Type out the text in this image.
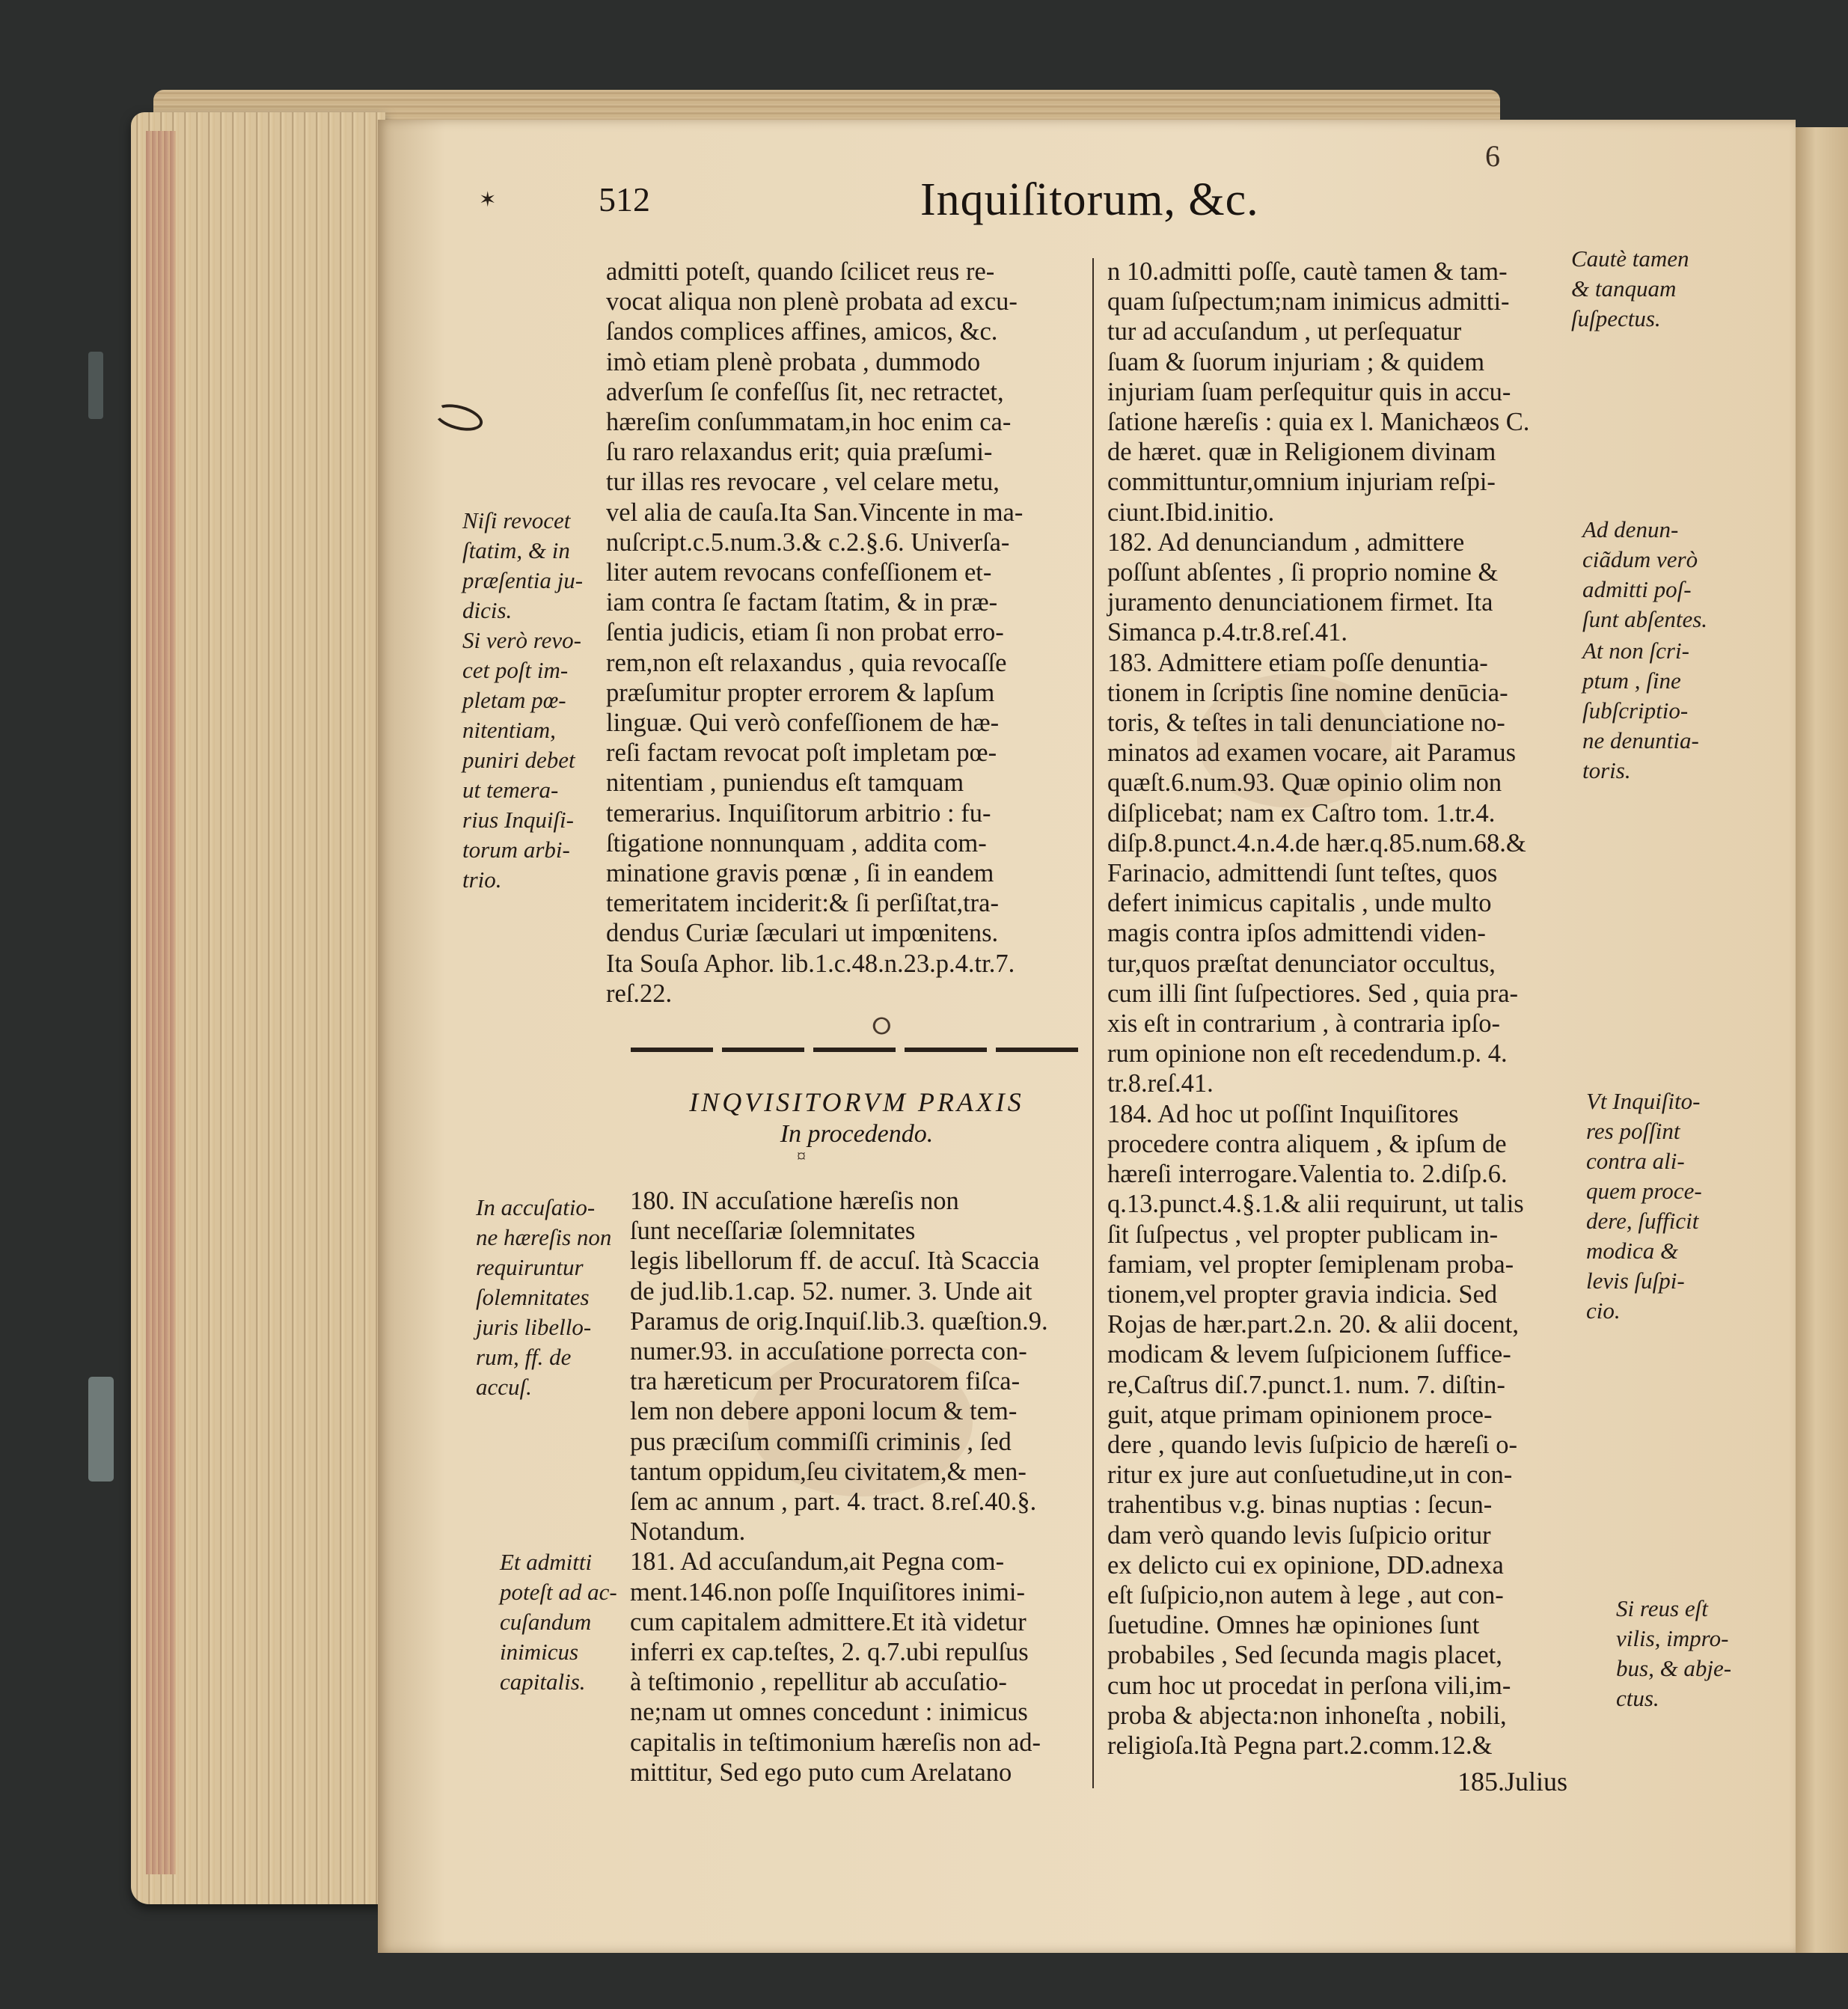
✶	512	Inquiſitorum, &c.
6

Niſi revocet

ſtatim, & in

præſentia ju-

dicis.

Si verò revo-

cet poſt im-

pletam pœ-

nitentiam,

puniri debet

ut temera-

rius Inquiſi-

torum arbi-

trio.

In accuſatio-

ne hæreſis non

requiruntur

ſolemnitates

juris libello-

rum, ff. de

accuſ.

Et admitti

poteſt ad ac-

cuſandum

inimicus

capitalis.

admitti poteſt, quando ſcilicet reus re-

vocat aliqua non plenè probata ad excu-

ſandos complices affines, amicos, &c.

imò etiam plenè probata , dummodo

adverſum ſe confeſſus ſit, nec retractet,

hæreſim conſummatam,in hoc enim ca-

ſu raro relaxandus erit; quia præſumi-

tur illas res revocare , vel celare metu,

vel alia de cauſa.Ita San.Vincente in ma-

nuſcript.c.5.num.3.& c.2.§.6. Univerſa-

liter autem revocans confeſſionem et-

iam contra ſe factam ſtatim, & in præ-

ſentia judicis, etiam ſi non probat erro-

rem,non eſt relaxandus , quia revocaſſe

præſumitur propter errorem & lapſum

linguæ. Qui verò confeſſionem de hæ-

reſi factam revocat poſt impletam pœ-

nitentiam , puniendus eſt tamquam

temerarius. Inquiſitorum arbitrio : fu-

ſtigatione nonnunquam , addita com-

minatione gravis pœnæ , ſi in eandem

temeritatem inciderit:& ſi perſiſtat,tra-

dendus Curiæ ſæculari ut impœnitens.

Ita Souſa Aphor. lib.1.c.48.n.23.p.4.tr.7.

reſ.22.

ⵔ
INQVISITORVM PRAXIS
In procedendo.
¤

180. IN accuſatione hæreſis non

ſunt neceſſariæ ſolemnitates

legis libellorum ff. de accuſ. Ità Scaccia

de jud.lib.1.cap. 52. numer. 3. Unde ait

Paramus de orig.Inquiſ.lib.3. quæſtion.9.

numer.93. in accuſatione porrecta con-

tra hæreticum per Procuratorem fiſca-

lem non debere apponi locum & tem-

pus præciſum commiſſi criminis , ſed

tantum oppidum,ſeu civitatem,& men-

ſem ac annum , part. 4. tract. 8.reſ.40.§.

Notandum.

181. Ad accuſandum,ait Pegna com-

ment.146.non poſſe Inquiſitores inimi-

cum capitalem admittere.Et ità videtur

inferri ex cap.teſtes, 2. q.7.ubi repulſus

à teſtimonio , repellitur ab accuſatio-

ne;nam ut omnes concedunt : inimicus

capitalis in teſtimonium hæreſis non ad-

mittitur, Sed ego puto cum Arelatano

n 10.admitti poſſe, cautè tamen & tam-

quam ſuſpectum;nam inimicus admitti-

tur ad accuſandum , ut perſequatur

ſuam & ſuorum injuriam ; & quidem

injuriam ſuam perſequitur quis in accu-

ſatione hæreſis : quia ex l. Manichæos C.

de hæret. quæ in Religionem divinam

committuntur,omnium injuriam reſpi-

ciunt.Ibid.initio.

182. Ad denunciandum , admittere

poſſunt abſentes , ſi proprio nomine &

juramento denunciationem firmet. Ita

Simanca p.4.tr.8.reſ.41.

183. Admittere etiam poſſe denuntia-

tionem in ſcriptis ſine nomine denūcia-

toris, & teſtes in tali denunciatione no-

minatos ad examen vocare, ait Paramus

quæſt.6.num.93. Quæ opinio olim non

diſplicebat; nam ex Caſtro tom. 1.tr.4.

diſp.8.punct.4.n.4.de hær.q.85.num.68.&

Farinacio, admittendi ſunt teſtes, quos

defert inimicus capitalis , unde multo

magis contra ipſos admittendi viden-

tur,quos præſtat denunciator occultus,

cum illi ſint ſuſpectiores. Sed , quia pra-

xis eſt in contrarium , à contraria ipſo-

rum opinione non eſt recedendum.p. 4.

tr.8.reſ.41.

184. Ad hoc ut poſſint Inquiſitores

procedere contra aliquem , & ipſum de

hæreſi interrogare.Valentia to. 2.diſp.6.

q.13.punct.4.§.1.& alii requirunt, ut talis

ſit ſuſpectus , vel propter publicam in-

famiam, vel propter ſemiplenam proba-

tionem,vel propter gravia indicia. Sed

Rojas de hær.part.2.n. 20. & alii docent,

modicam & levem ſuſpicionem ſuffice-

re,Caſtrus diſ.7.punct.1. num. 7. diſtin-

guit, atque primam opinionem proce-

dere , quando levis ſuſpicio de hæreſi o-

ritur ex jure aut conſuetudine,ut in con-

trahentibus v.g. binas nuptias : ſecun-

dam verò quando levis ſuſpicio oritur

ex delicto cui ex opinione, DD.adnexa

eſt ſuſpicio,non autem à lege , aut con-

ſuetudine. Omnes hæ opiniones ſunt

probabiles , Sed ſecunda magis placet,

cum hoc ut procedat in perſona vili,im-

proba & abjecta:non inhoneſta , nobili,

religioſa.Ità Pegna part.2.comm.12.&

Cautè tamen

& tanquam

ſuſpectus.

Ad denun-

ciãdum verò

admitti poſ-

ſunt abſentes.

At non ſcri-

ptum , ſine

ſubſcriptio-

ne denuntia-

toris.

Vt Inquiſito-

res poſſint

contra ali-

quem proce-

dere, ſufficit

modica &

levis ſuſpi-

cio.

Si reus eſt

vilis, impro-

bus, & abje-

ctus.

185.Julius
